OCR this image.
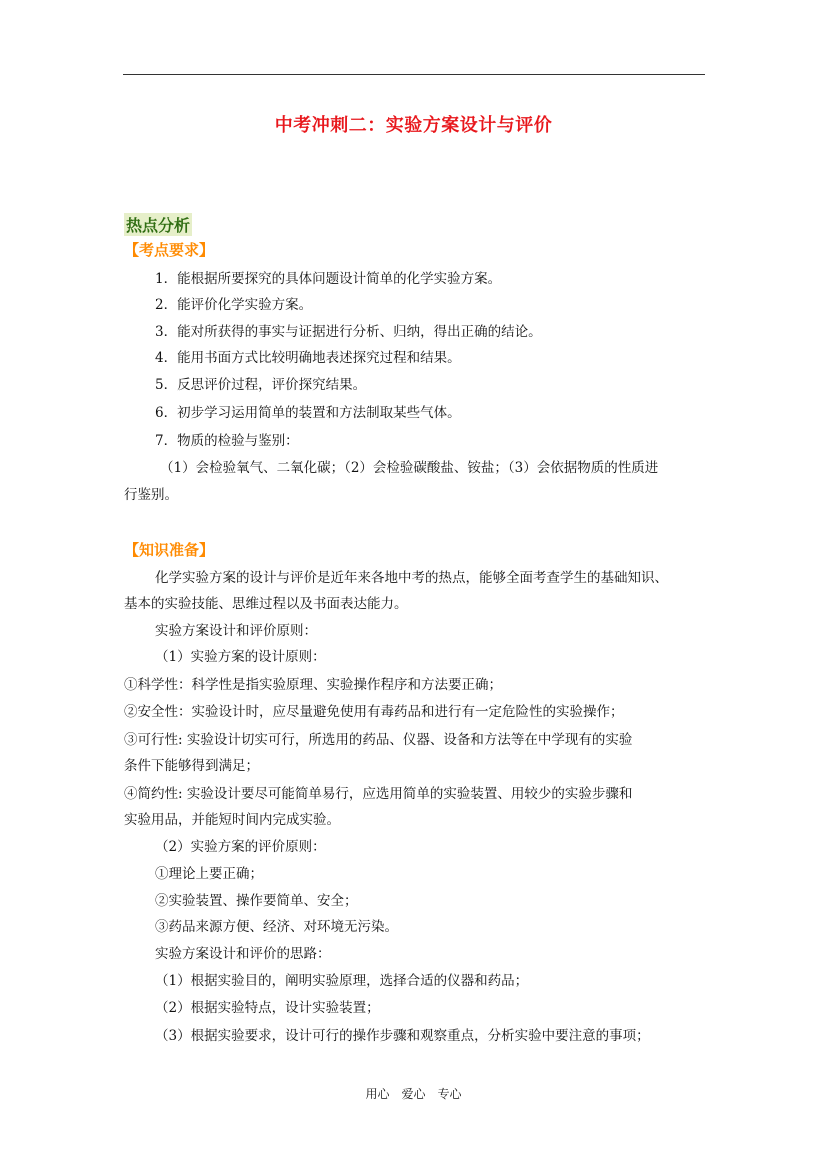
中考冲刺二：实验方案设计与评价
热点分析
【考点要求】
1．能根据所要探究的具体问题设计简单的化学实验方案。
2．能评价化学实验方案。
3．能对所获得的事实与证据进行分析、归纳，得出正确的结论。
4．能用书面方式比较明确地表述探究过程和结果。
5．反思评价过程，评价探究结果。
6．初步学习运用简单的装置和方法制取某些气体。
7．物质的检验与鉴别：
（1）会检验氧气、二氧化碳；（2）会检验碳酸盐、铵盐；（3）会依据物质的性质进
行鉴别。
【知识准备】
化学实验方案的设计与评价是近年来各地中考的热点，能够全面考查学生的基础知识、
基本的实验技能、思维过程以及书面表达能力。
实验方案设计和评价原则：
（1）实验方案的设计原则：
①科学性：科学性是指实验原理、实验操作程序和方法要正确；
②安全性：实验设计时，应尽量避免使用有毒药品和进行有一定危险性的实验操作；
③可行性: 实验设计切实可行，所选用的药品、仪器、设备和方法等在中学现有的实验
条件下能够得到满足；
④简约性: 实验设计要尽可能简单易行，应选用简单的实验装置、用较少的实验步骤和
实验用品，并能短时间内完成实验。
（2）实验方案的评价原则：
①理论上要正确；
②实验装置、操作要简单、安全；
③药品来源方便、经济、对环境无污染。
实验方案设计和评价的思路：
（1）根据实验目的，阐明实验原理，选择合适的仪器和药品；
（2）根据实验特点，设计实验装置；
（3）根据实验要求，设计可行的操作步骤和观察重点，分析实验中要注意的事项；
用心　爱心　专心
